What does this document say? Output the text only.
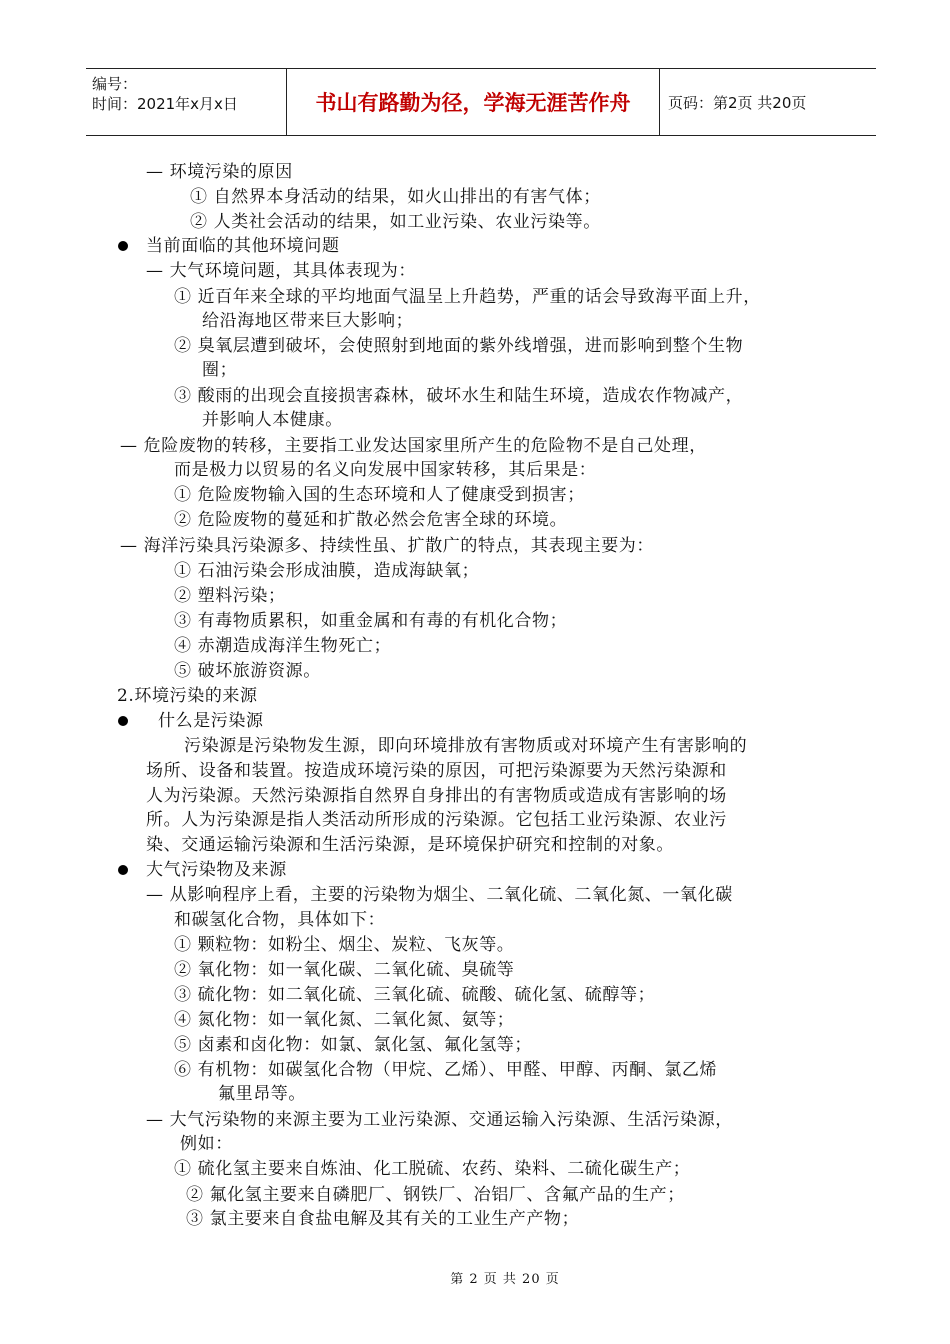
编号：
时间：2021年x月x日	书山有路勤为径，学海无涯苦作舟	页码：第2页 共20页
— 环境污染的原因
① 自然界本身活动的结果，如火山排出的有害气体；
② 人类社会活动的结果，如工业污染、农业污染等。
当前面临的其他环境问题
— 大气环境问题，其具体表现为：
① 近百年来全球的平均地面气温呈上升趋势，严重的话会导致海平面上升，
给沿海地区带来巨大影响；
② 臭氧层遭到破坏，会使照射到地面的紫外线增强，进而影响到整个生物
圈；
③ 酸雨的出现会直接损害森林，破坏水生和陆生环境，造成农作物减产，
并影响人本健康。
— 危险废物的转移，主要指工业发达国家里所产生的危险物不是自己处理，
而是极力以贸易的名义向发展中国家转移，其后果是：
① 危险废物输入国的生态环境和人了健康受到损害；
② 危险废物的蔓延和扩散必然会危害全球的环境。
— 海洋污染具污染源多、持续性虽、扩散广的特点，其表现主要为：
① 石油污染会形成油膜，造成海缺氧；
② 塑料污染；
③ 有毒物质累积，如重金属和有毒的有机化合物；
④ 赤潮造成海洋生物死亡；
⑤ 破坏旅游资源。
2.环境污染的来源
什么是污染源
污染源是污染物发生源，即向环境排放有害物质或对环境产生有害影响的
场所、设备和装置。按造成环境污染的原因，可把污染源要为天然污染源和
人为污染源。天然污染源指自然界自身排出的有害物质或造成有害影响的场
所。人为污染源是指人类活动所形成的污染源。它包括工业污染源、农业污
染、交通运输污染源和生活污染源，是环境保护研究和控制的对象。
大气污染物及来源
— 从影响程序上看，主要的污染物为烟尘、二氧化硫、二氧化氮、一氧化碳
和碳氢化合物，具体如下：
① 颗粒物：如粉尘、烟尘、炭粒、飞灰等。
② 氧化物：如一氧化碳、二氧化硫、臭硫等
③ 硫化物：如二氧化硫、三氧化硫、硫酸、硫化氢、硫醇等；
④ 氮化物：如一氧化氮、二氧化氮、氨等；
⑤ 卤素和卤化物：如氯、氯化氢、氟化氢等；
⑥ 有机物：如碳氢化合物（甲烷、乙烯）、甲醛、甲醇、丙酮、氯乙烯
氟里昂等。
— 大气污染物的来源主要为工业污染源、交通运输入污染源、生活污染源，
例如：
① 硫化氢主要来自炼油、化工脱硫、农药、染料、二硫化碳生产；
② 氟化氢主要来自磷肥厂、钢铁厂、冶铝厂、含氟产品的生产；
③ 氯主要来自食盐电解及其有关的工业生产产物；
第 2 页 共 20 页
